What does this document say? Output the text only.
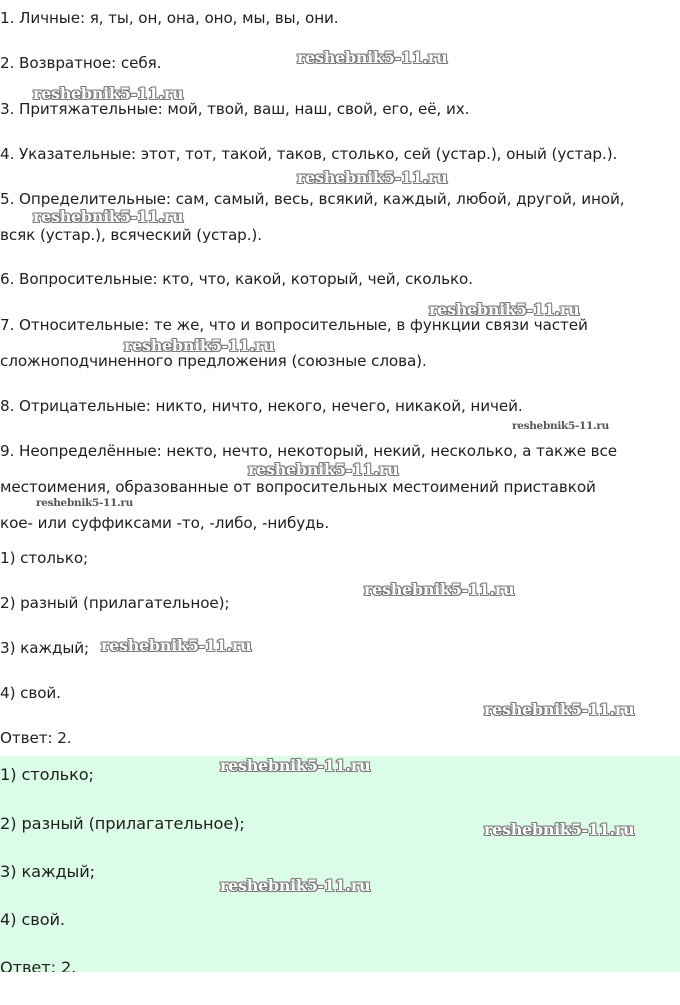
1. Личные: я, ты, он, она, оно, мы, вы, они.

2. Возвратное: себя.

3. Притяжательные: мой, твой, ваш, наш, свой, его, её, их.

4. Указательные: этот, тот, такой, таков, столько, сей (устар.), оный (устар.).

5. Определительные: сам, самый, весь, всякий, каждый, любой, другой, иной,

всяк (устар.), всяческий (устар.).

6. Вопросительные: кто, что, какой, который, чей, сколько.

7. Относительные: те же, что и вопросительные, в функции связи частей

сложноподчиненного предложения (союзные слова).

8. Отрицательные: никто, ничто, некого, нечего, никакой, ничей.

9. Неопределённые: некто, нечто, некоторый, некий, несколько, а также все

местоимения, образованные от вопросительных местоимений приставкой

кое- или суффиксами -то, -либо, -нибудь.

1) столько;

2) разный (прилагательное);

3) каждый;

4) свой.

Ответ: 2.

1) столько;

2) разный (прилагательное);

3) каждый;

4) свой.

Ответ: 2.

reshebnik5-11.ru
reshebnik5-11.ru
reshebnik5-11.ru
reshebnik5-11.ru
reshebnik5-11.ru
reshebnik5-11.ru
reshebnik5-11.ru
reshebnik5-11.ru
reshebnik5-11.ru
reshebnik5-11.ru
reshebnik5-11.ru
reshebnik5-11.ru
reshebnik5-11.ru
reshebnik5-11.ru
reshebnik5-11.ru
